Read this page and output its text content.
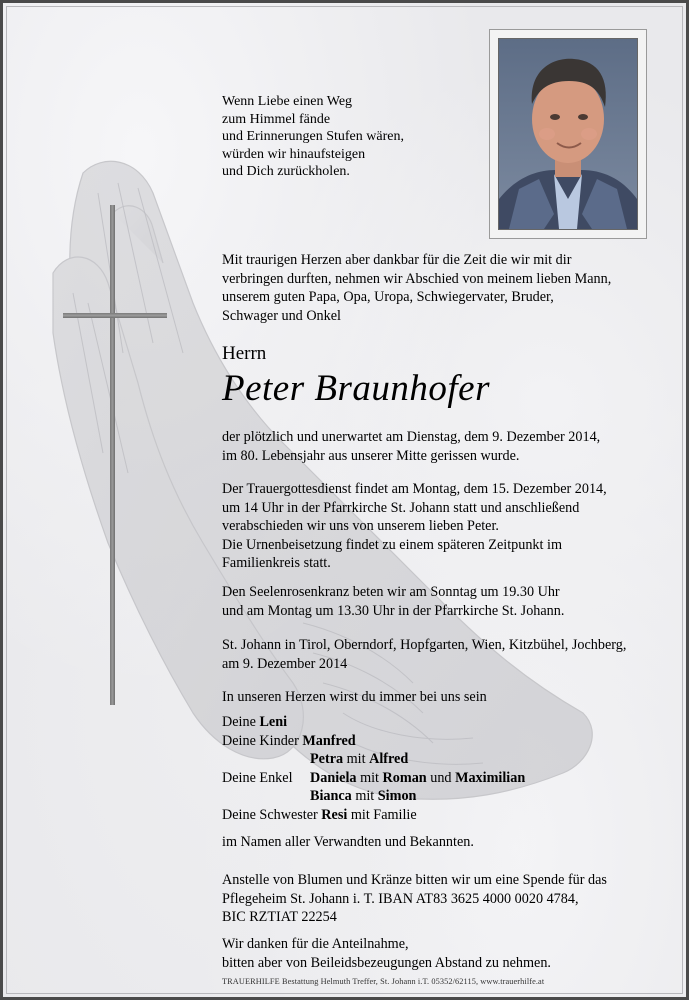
Wenn Liebe einen Weg
zum Himmel fände
und Erinnerungen Stufen wären,
würden wir hinaufsteigen
und Dich zurückholen.
Mit traurigen Herzen aber dankbar für die Zeit die wir mit dir
verbringen durften, nehmen wir Abschied von meinem lieben Mann,
unserem guten Papa, Opa, Uropa, Schwiegervater, Bruder,
Schwager und Onkel
Herrn
Peter Braunhofer
der plötzlich und unerwartet am Dienstag, dem 9. Dezember 2014,
im 80. Lebensjahr aus unserer Mitte gerissen wurde.
Der Trauergottesdienst findet am Montag, dem 15. Dezember 2014,
um 14 Uhr in der Pfarrkirche St. Johann statt und anschließend
verabschieden wir uns von unserem lieben Peter.
Die Urnenbeisetzung findet zu einem späteren Zeitpunkt im
Familienkreis statt.
Den Seelenrosenkranz beten wir am Sonntag um 19.30 Uhr
und am Montag um 13.30 Uhr in der Pfarrkirche St. Johann.
St. Johann in Tirol, Oberndorf, Hopfgarten, Wien, Kitzbühel, Jochberg,
am 9. Dezember 2014
In unseren Herzen wirst du immer bei uns sein
Deine Leni
Deine Kinder Manfred
Petra mit Alfred
Deine Enkel Daniela mit Roman und Maximilian
Bianca mit Simon
Deine Schwester Resi mit Familie
im Namen aller Verwandten und Bekannten.
Anstelle von Blumen und Kränze bitten wir um eine Spende für das
Pflegeheim St. Johann i. T. IBAN AT83 3625 4000 0020 4784,
BIC RZTIAT 22254
Wir danken für die Anteilnahme,
bitten aber von Beileidsbezeugungen Abstand zu nehmen.
TRAUERHILFE Bestattung Helmuth Treffer, St. Johann i.T. 05352/62115, www.trauerhilfe.at
